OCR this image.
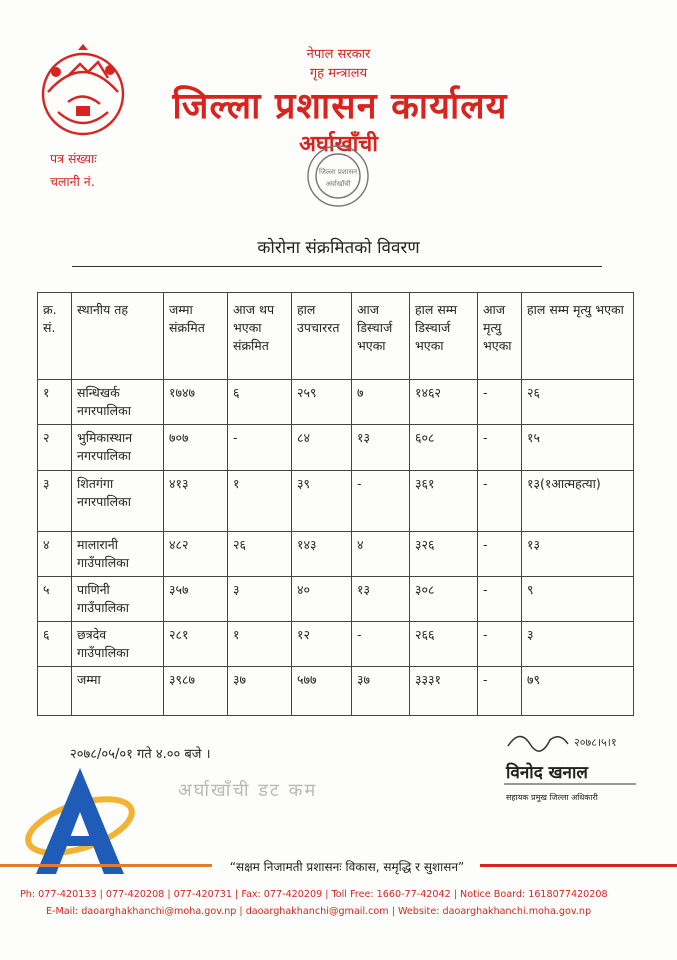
नेपाल सरकार
गृह मन्त्रालय
जिल्ला प्रशासन कार्यालय
अर्घाखाँची
पत्र संख्याः
चलानी नं.
जिल्ला प्रशासन
अर्घाखाँची
कोरोना संक्रमितको विवरण
क्र. सं.	स्थानीय तह	जम्मा संक्रमित	आज थप भएका संक्रमित	हाल उपचाररत	आज डिस्चार्ज भएका	हाल सम्म डिस्चार्ज भएका	आज मृत्यु भएका	हाल सम्म मृत्यु भएका
१	सन्धिखर्क नगरपालिका	१७४७	६	२५९	७	१४६२	-	२६
२	भुमिकास्थान नगरपालिका	७०७	-	८४	१३	६०८	-	१५
३	शितगंगा नगरपालिका	४१३	१	३९	-	३६१	-	१३(१आत्महत्या)
४	मालारानी गाउँपालिका	४८२	२६	१४३	४	३२६	-	१३
५	पाणिनी गाउँपालिका	३५७	३	४०	१३	३०८	-	९
६	छत्रदेव गाउँपालिका	२८१	१	१२	-	२६६	-	३
	जम्मा	३९८७	३७	५७७	३७	३३३१	-	७९
२०७८/०५/०१ गते ४.०० बजे ।
२०७८।५।१
विनोद खनाल
सहायक प्रमुख जिल्ला अधिकारी
अर्घाखाँची डट कम
“सक्षम निजामती प्रशासनः विकास, समृद्धि र सुशासन”
Ph: 077-420133 | 077-420208 | 077-420731 | Fax: 077-420209 | Toll Free: 1660-77-42042 | Notice Board: 1618077420208
E-Mail: daoarghakhanchi@moha.gov.np | daoarghakhanchi@gmail.com | Website: daoarghakhanchi.moha.gov.np
